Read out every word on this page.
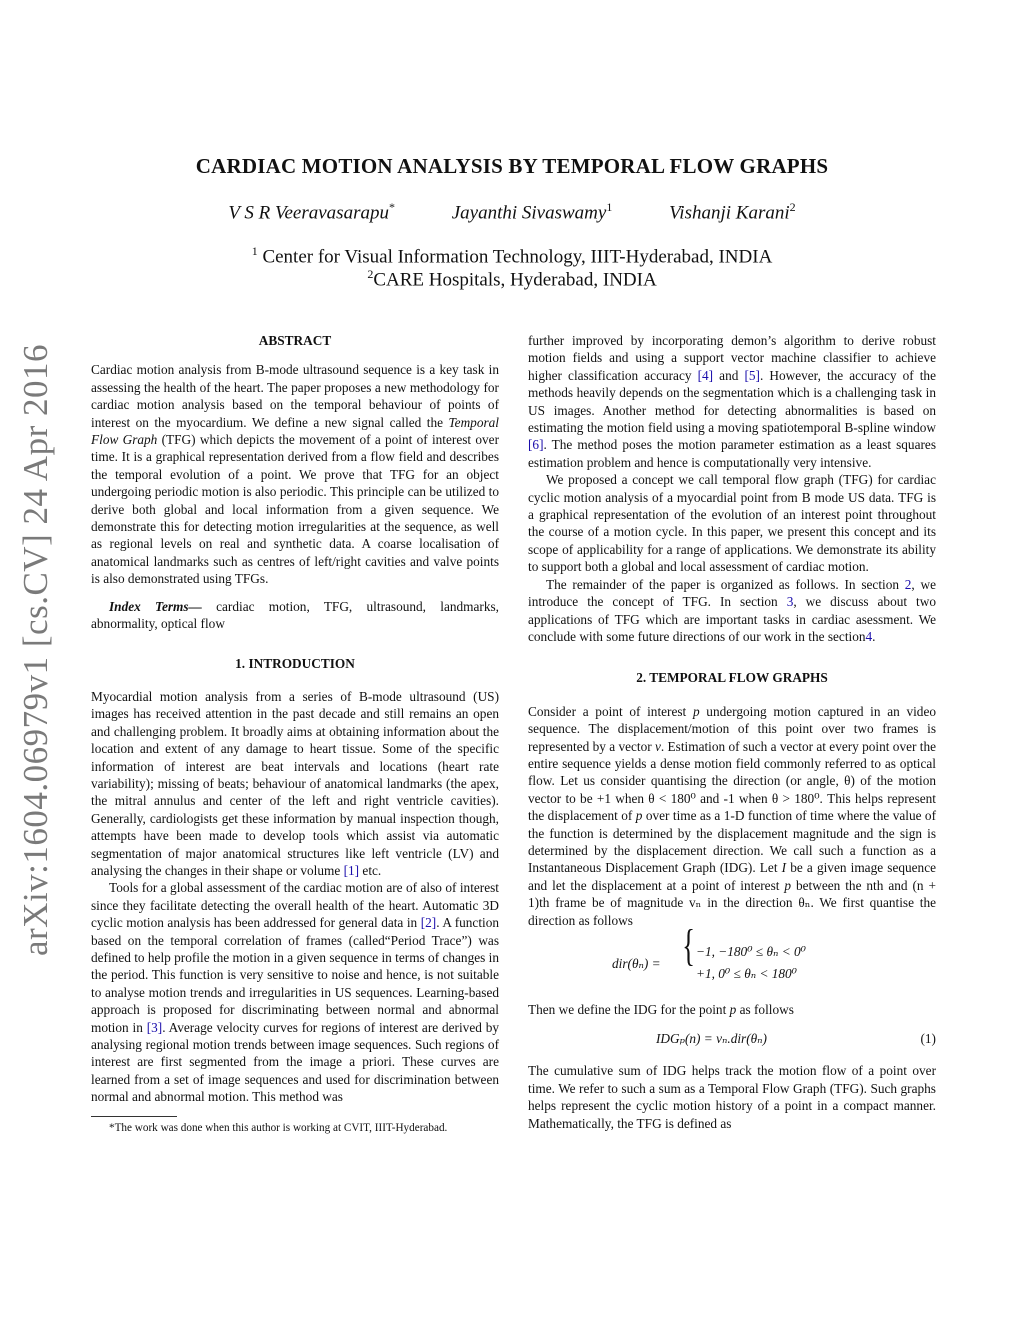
arXiv:1604.06979v1 [cs.CV] 24 Apr 2016
CARDIAC MOTION ANALYSIS BY TEMPORAL FLOW GRAPHS
V S R Veeravasarapu*	Jayanthi Sivaswamy$^1$	Vishanji Karani$^2$
$^1$ Center for Visual Information Technology, IIIT-Hyderabad, INDIA
$^2$CARE Hospitals, Hyderabad, INDIA
ABSTRACT

Cardiac motion analysis from B-mode ultrasound sequence is a key task in assessing the health of the heart. The paper proposes a new methodology for cardiac motion analysis based on the temporal behaviour of points of interest on the myocardium. We define a new signal called the Temporal Flow Graph (TFG) which depicts the movement of a point of interest over time. It is a graphical representation derived from a flow field and describes the temporal evolution of a point. We prove that TFG for an object undergoing periodic motion is also periodic. This principle can be utilized to derive both global and local information from a given sequence. We demonstrate this for detecting motion irregularities at the sequence, as well as regional levels on real and synthetic data. A coarse localisation of anatomical landmarks such as centres of left/right cavities and valve points is also demonstrated using TFGs.

Index Terms— cardiac motion, TFG, ultrasound, landmarks, abnormality, optical flow

1. INTRODUCTION

Myocardial motion analysis from a series of B-mode ultrasound (US) images has received attention in the past decade and still remains an open and challenging problem. It broadly aims at obtaining information about the location and extent of any damage to heart tissue. Some of the specific information of interest are beat intervals and locations (heart rate variability); missing of beats; behaviour of anatomical landmarks (the apex, the mitral annulus and center of the left and right ventricle cavities). Generally, cardiologists get these information by manual inspection though, attempts have been made to develop tools which assist via automatic segmentation of major anatomical structures like left ventricle (LV) and analysing the changes in their shape or volume [1] etc.

Tools for a global assessment of the cardiac motion are of also of interest since they facilitate detecting the overall health of the heart. Automatic 3D cyclic motion analysis has been addressed for general data in [2]. A function based on the temporal correlation of frames (called“Period Trace”) was defined to help profile the motion in a given sequence in terms of changes in the period. This function is very sensitive to noise and hence, is not suitable to analyse motion trends and irregularities in US sequences. Learning-based approach is proposed for discriminating between normal and abnormal motion in [3]. Average velocity curves for regions of interest are derived by analysing regional motion trends between image sequences. Such regions of interest are first segmented from the image a priori. These curves are learned from a set of image sequences and used for discrimination between normal and abnormal motion. This method was

*The work was done when this author is working at CVIT, IIIT-Hyderabad.

further improved by incorporating demon’s algorithm to derive robust motion fields and using a support vector machine classifier to achieve higher classification accuracy [4] and [5]. However, the accuracy of the methods heavily depends on the segmentation which is a challenging task in US images. Another method for detecting abnormalities is based on estimating the motion field using a moving spatiotemporal B-spline window [6]. The method poses the motion parameter estimation as a least squares estimation problem and hence is computationally very intensive.

We proposed a concept we call temporal flow graph (TFG) for cardiac cyclic motion analysis of a myocardial point from B mode US data. TFG is a graphical representation of the evolution of an interest point throughout the course of a motion cycle. In this paper, we present this concept and its scope of applicability for a range of applications. We demonstrate its ability to support both a global and local assessment of cardiac motion.

The remainder of the paper is organized as follows. In section 2, we introduce the concept of TFG. In section 3, we discuss about two applications of TFG which are important tasks in cardiac asessment. We conclude with some future directions of our work in the section4.

2. TEMPORAL FLOW GRAPHS

Consider a point of interest p undergoing motion captured in an video sequence. The displacement/motion of this point over two frames is represented by a vector v. Estimation of such a vector at every point over the entire sequence yields a dense motion field commonly referred to as optical flow. Let us consider quantising the direction (or angle, θ) of the motion vector to be +1 when θ < 180⁰ and -1 when θ > 180⁰. This helps represent the displacement of p over time as a 1-D function of time where the value of the function is determined by the displacement magnitude and the sign is determined by the displacement direction. We call such a function as a Instantaneous Displacement Graph (IDG). Let I be a given image sequence and let the displacement at a point of interest p between the nth and (n + 1)th frame be of magnitude vₙ in the direction θₙ. We first quantise the direction as follows

dir(θₙ) = { −1, −180⁰ ≤ θₙ < 0⁰
+1, 0⁰ ≤ θₙ < 180⁰

Then we define the IDG for the point p as follows

IDGₚ(n) = vₙ.dir(θₙ)	(1)

The cumulative sum of IDG helps track the motion flow of a point over time. We refer to such a sum as a Temporal Flow Graph (TFG). Such graphs helps represent the cyclic motion history of a point in a compact manner. Mathematically, the TFG is defined as
